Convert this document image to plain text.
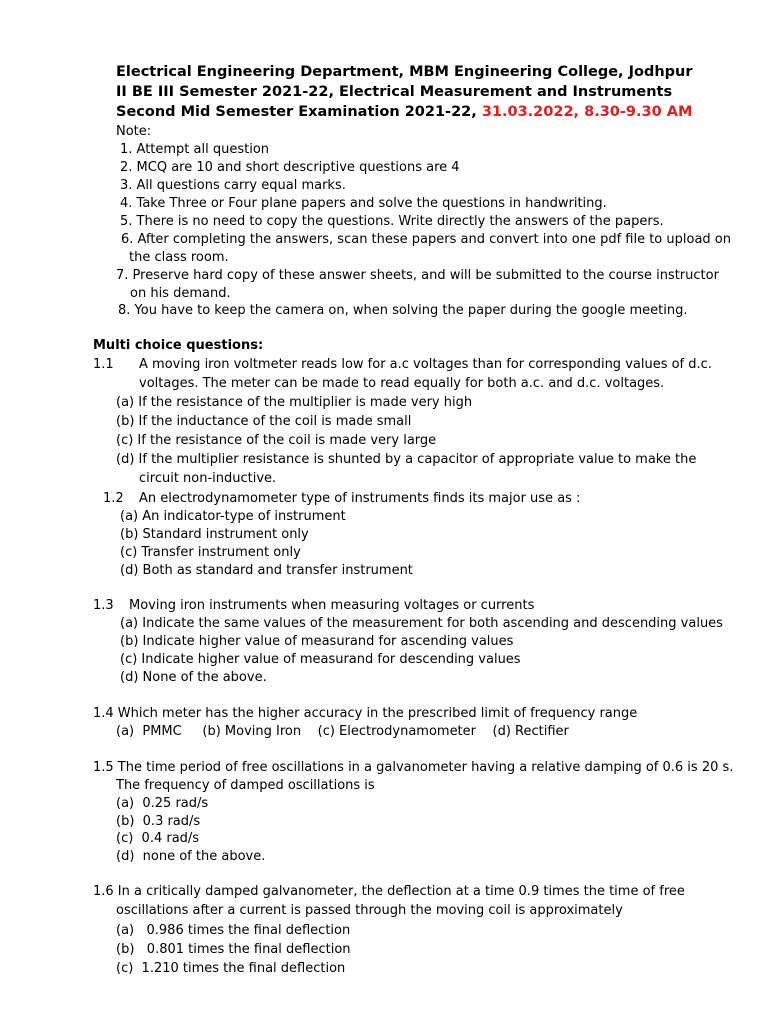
Electrical Engineering Department, MBM Engineering College, Jodhpur
II BE III Semester 2021-22, Electrical Measurement and Instruments
Second Mid Semester Examination 2021-22, 31.03.2022, 8.30-9.30 AM
Note:
1. Attempt all question
2. MCQ are 10 and short descriptive questions are 4
3. All questions carry equal marks.
4. Take Three or Four plane papers and solve the questions in handwriting.
5. There is no need to copy the questions. Write directly the answers of the papers.
6. After completing the answers, scan these papers and convert into one pdf file to upload on
the class room.
7. Preserve hard copy of these answer sheets, and will be submitted to the course instructor
on his demand.
8. You have to keep the camera on, when solving the paper during the google meeting.
Multi choice questions:
1.1 A moving iron voltmeter reads low for a.c voltages than for corresponding values of d.c.
voltages. The meter can be made to read equally for both a.c. and d.c. voltages.
(a) If the resistance of the multiplier is made very high
(b) If the inductance of the coil is made small
(c) If the resistance of the coil is made very large
(d) If the multiplier resistance is shunted by a capacitor of appropriate value to make the
circuit non-inductive.
1.2 An electrodynamometer type of instruments finds its major use as :
(a) An indicator-type of instrument
(b) Standard instrument only
(c) Transfer instrument only
(d) Both as standard and transfer instrument
1.3 Moving iron instruments when measuring voltages or currents
(a) Indicate the same values of the measurement for both ascending and descending values
(b) Indicate higher value of measurand for ascending values
(c) Indicate higher value of measurand for descending values
(d) None of the above.
1.4 Which meter has the higher accuracy in the prescribed limit of frequency range
(a)  PMMC     (b) Moving Iron    (c) Electrodynamometer    (d) Rectifier
1.5 The time period of free oscillations in a galvanometer having a relative damping of 0.6 is 20 s.
The frequency of damped oscillations is
(a)  0.25 rad/s
(b)  0.3 rad/s
(c)  0.4 rad/s
(d)  none of the above.
1.6 In a critically damped galvanometer, the deflection at a time 0.9 times the time of free
oscillations after a current is passed through the moving coil is approximately
(a)   0.986 times the final deflection
(b)   0.801 times the final deflection
(c)  1.210 times the final deflection
